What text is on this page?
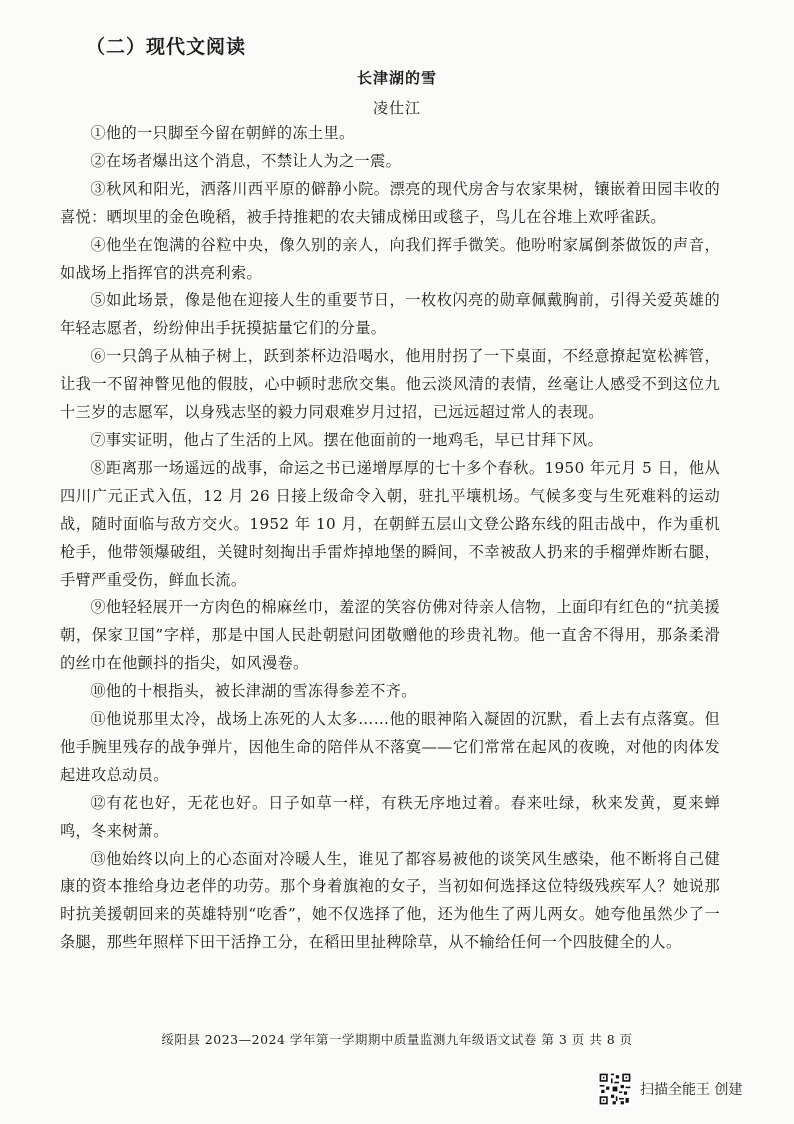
（二）现代文阅读
长津湖的雪
凌仕江

①他的一只脚至今留在朝鲜的冻土里。

②在场者爆出这个消息，不禁让人为之一震。

③秋风和阳光，洒落川西平原的僻静小院。漂亮的现代房舍与农家果树，镶嵌着田园丰收的喜悦：晒坝里的金色晚稻，被手持推耙的农夫铺成梯田或毯子，鸟儿在谷堆上欢呼雀跃。

④他坐在饱满的谷粒中央，像久别的亲人，向我们挥手微笑。他吩咐家属倒茶做饭的声音，如战场上指挥官的洪亮利索。

⑤如此场景，像是他在迎接人生的重要节日，一枚枚闪亮的勋章佩戴胸前，引得关爱英雄的年轻志愿者，纷纷伸出手抚摸掂量它们的分量。

⑥一只鸽子从柚子树上，跃到茶杯边沿喝水，他用肘拐了一下桌面，不经意撩起宽松裤管，让我一不留神瞥见他的假肢，心中顿时悲欣交集。他云淡风清的表情，丝毫让人感受不到这位九十三岁的志愿军，以身残志坚的毅力同艰难岁月过招，已远远超过常人的表现。

⑦事实证明，他占了生活的上风。摆在他面前的一地鸡毛，早已甘拜下风。

⑧距离那一场遥远的战事，命运之书已递增厚厚的七十多个春秋。1950 年元月 5 日，他从四川广元正式入伍，12 月 26 日接上级命令入朝，驻扎平壤机场。气候多变与生死难料的运动战，随时面临与敌方交火。1952 年 10 月，在朝鲜五层山文登公路东线的阻击战中，作为重机枪手，他带领爆破组，关键时刻掏出手雷炸掉地堡的瞬间，不幸被敌人扔来的手榴弹炸断右腿，手臂严重受伤，鲜血长流。

⑨他轻轻展开一方肉色的棉麻丝巾，羞涩的笑容仿佛对待亲人信物，上面印有红色的“抗美援朝，保家卫国”字样，那是中国人民赴朝慰问团敬赠他的珍贵礼物。他一直舍不得用，那条柔滑的丝巾在他颤抖的指尖，如风漫卷。

⑩他的十根指头，被长津湖的雪冻得参差不齐。

⑪他说那里太冷，战场上冻死的人太多……他的眼神陷入凝固的沉默，看上去有点落寞。但他手腕里残存的战争弹片，因他生命的陪伴从不落寞——它们常常在起风的夜晚，对他的肉体发起进攻总动员。

⑫有花也好，无花也好。日子如草一样，有秩无序地过着。春来吐绿，秋来发黄，夏来蝉鸣，冬来树萧。

⑬他始终以向上的心态面对冷暖人生，谁见了都容易被他的谈笑风生感染，他不断将自己健康的资本推给身边老伴的功劳。那个身着旗袍的女子，当初如何选择这位特级残疾军人？她说那时抗美援朝回来的英雄特别“吃香”，她不仅选择了他，还为他生了两儿两女。她夸他虽然少了一条腿，那些年照样下田干活挣工分，在稻田里扯稗除草，从不输给任何一个四肢健全的人。

绥阳县 2023—2024 学年第一学期期中质量监测九年级语文试卷 第 3 页 共 8 页
扫描全能王 创建
